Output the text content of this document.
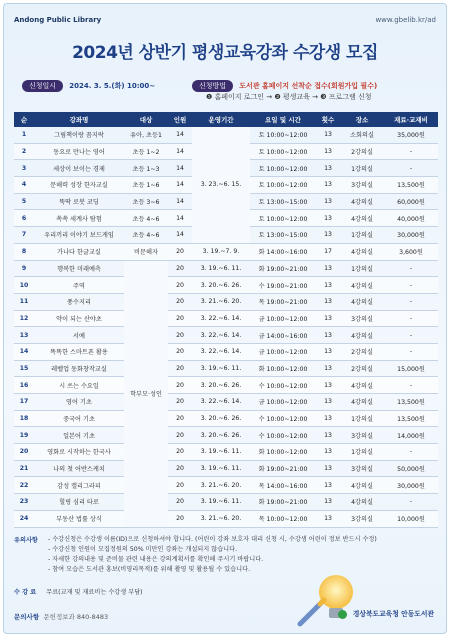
Andong Public Library	www.gbelib.kr/ad
2024년 상반기 평생교육강좌 수강생 모집
신청일시 2024. 3. 5.(화) 10:00~	신청방법 도서관 홈페이지 선착순 접수(회원가입 필수)
❶ 홈페이지 로그인 → ❷ 평생교육 → ❸ 프로그램 신청
순	강좌명	대상	인원	운영기간	요일 및 시간	횟수	장소	재료·교재비
1	그림책이랑 꼼지락	유아, 초등1	14	3. 23.~6. 15.	토 10:00~12:00	13	소회의실	35,000원
2	동요로 만나는 영어	초등 1~2	14		토 10:00~12:00	13	2강의실	-
3	세상이 보이는 경제	초등 1~3	14		토 10:00~12:00	13	1강의실	-
4	문해력 성장 한자교실	초등 1~6	14		토 10:00~12:00	13	3강의실	13,500원
5	뚝딱 로봇 코딩	초등 3~6	14		토 13:00~15:00	13	4강의실	60,000원
6	쏙쏙 세계사 탐험	초등 4~6	14		토 10:00~12:00	13	4강의실	40,000원
7	우리끼리 이야기 보드게임	초등 4~6	14		토 13:00~15:00	13	1강의실	30,000원
8	가나다 한글교실	비문해자	20	3. 19.~7. 9.	화 14:00~16:00	17	4강의실	3,600원
9	행복한 미래예측	학부모·성인	20	3. 19.~6. 11.	화 19:00~21:00	13	1강의실	-
10	주역		20	3. 20.~6. 26.	수 19:00~21:00	13	4강의실	-
11	풍수지리		20	3. 21.~6. 20.	목 19:00~21:00	13	4강의실	-
12	약이 되는 산야초		20	3. 22.~6. 14.	금 10:00~12:00	13	3강의실	-
13	서예		20	3. 22.~6. 14.	금 14:00~16:00	13	4강의실	-
14	똑똑한 스마트폰 활용		20	3. 22.~6. 14.	금 10:00~12:00	13	2강의실	-
15	레벨업 동화창작교실		20	3. 19.~6. 11.	화 10:00~12:00	13	2강의실	15,000원
16	시 쓰는 수요일		20	3. 20.~6. 26.	수 10:00~12:00	13	4강의실	-
17	영어 기초		20	3. 22.~6. 14.	금 10:00~12:00	13	4강의실	13,500원
18	중국어 기초		20	3. 20.~6. 26.	수 10:00~12:00	13	1강의실	13,500원
19	일본어 기초		20	3. 20.~6. 26.	수 10:00~12:00	13	3강의실	14,000원
20	영화로 시작하는 한국사		20	3. 19.~6. 11.	화 10:00~12:00	13	1강의실	-
21	나의 첫 어반스케치		20	3. 19.~6. 11.	화 19:00~21:00	13	3강의실	50,000원
22	감성 캘리그라피		20	3. 21.~6. 20.	목 14:00~16:00	13	4강의실	30,000원
23	힐링 심리 타로		20	3. 19.~6. 11.	화 19:00~21:00	13	4강의실	-
24	부동산 법률 상식		20	3. 21.~6. 20.	목 10:00~12:00	13	3강의실	10,000원
유의사항 - 수강신청은 수강생 이름(ID)으로 신청하셔야 합니다. (어린이 강좌 보호자 대리 신청 시, 수강생 어린이 정보 반드시 수정)
- 수강신청 인원이 모집정원의 50% 미만인 강좌는 개설되지 않습니다.
- 자세한 강의내용 및 준비물 관련 내용은 강의계획서를 확인해 주시기 바랍니다.
- 참여 모습은 도서관 홍보(비영리목적)를 위해 촬영 및 활용될 수 있습니다.
수 강 료 무료(교재 및 재료비는 수강생 부담)
문의사항 문헌정보과 840-8483	경상북도교육청 안동도서관
